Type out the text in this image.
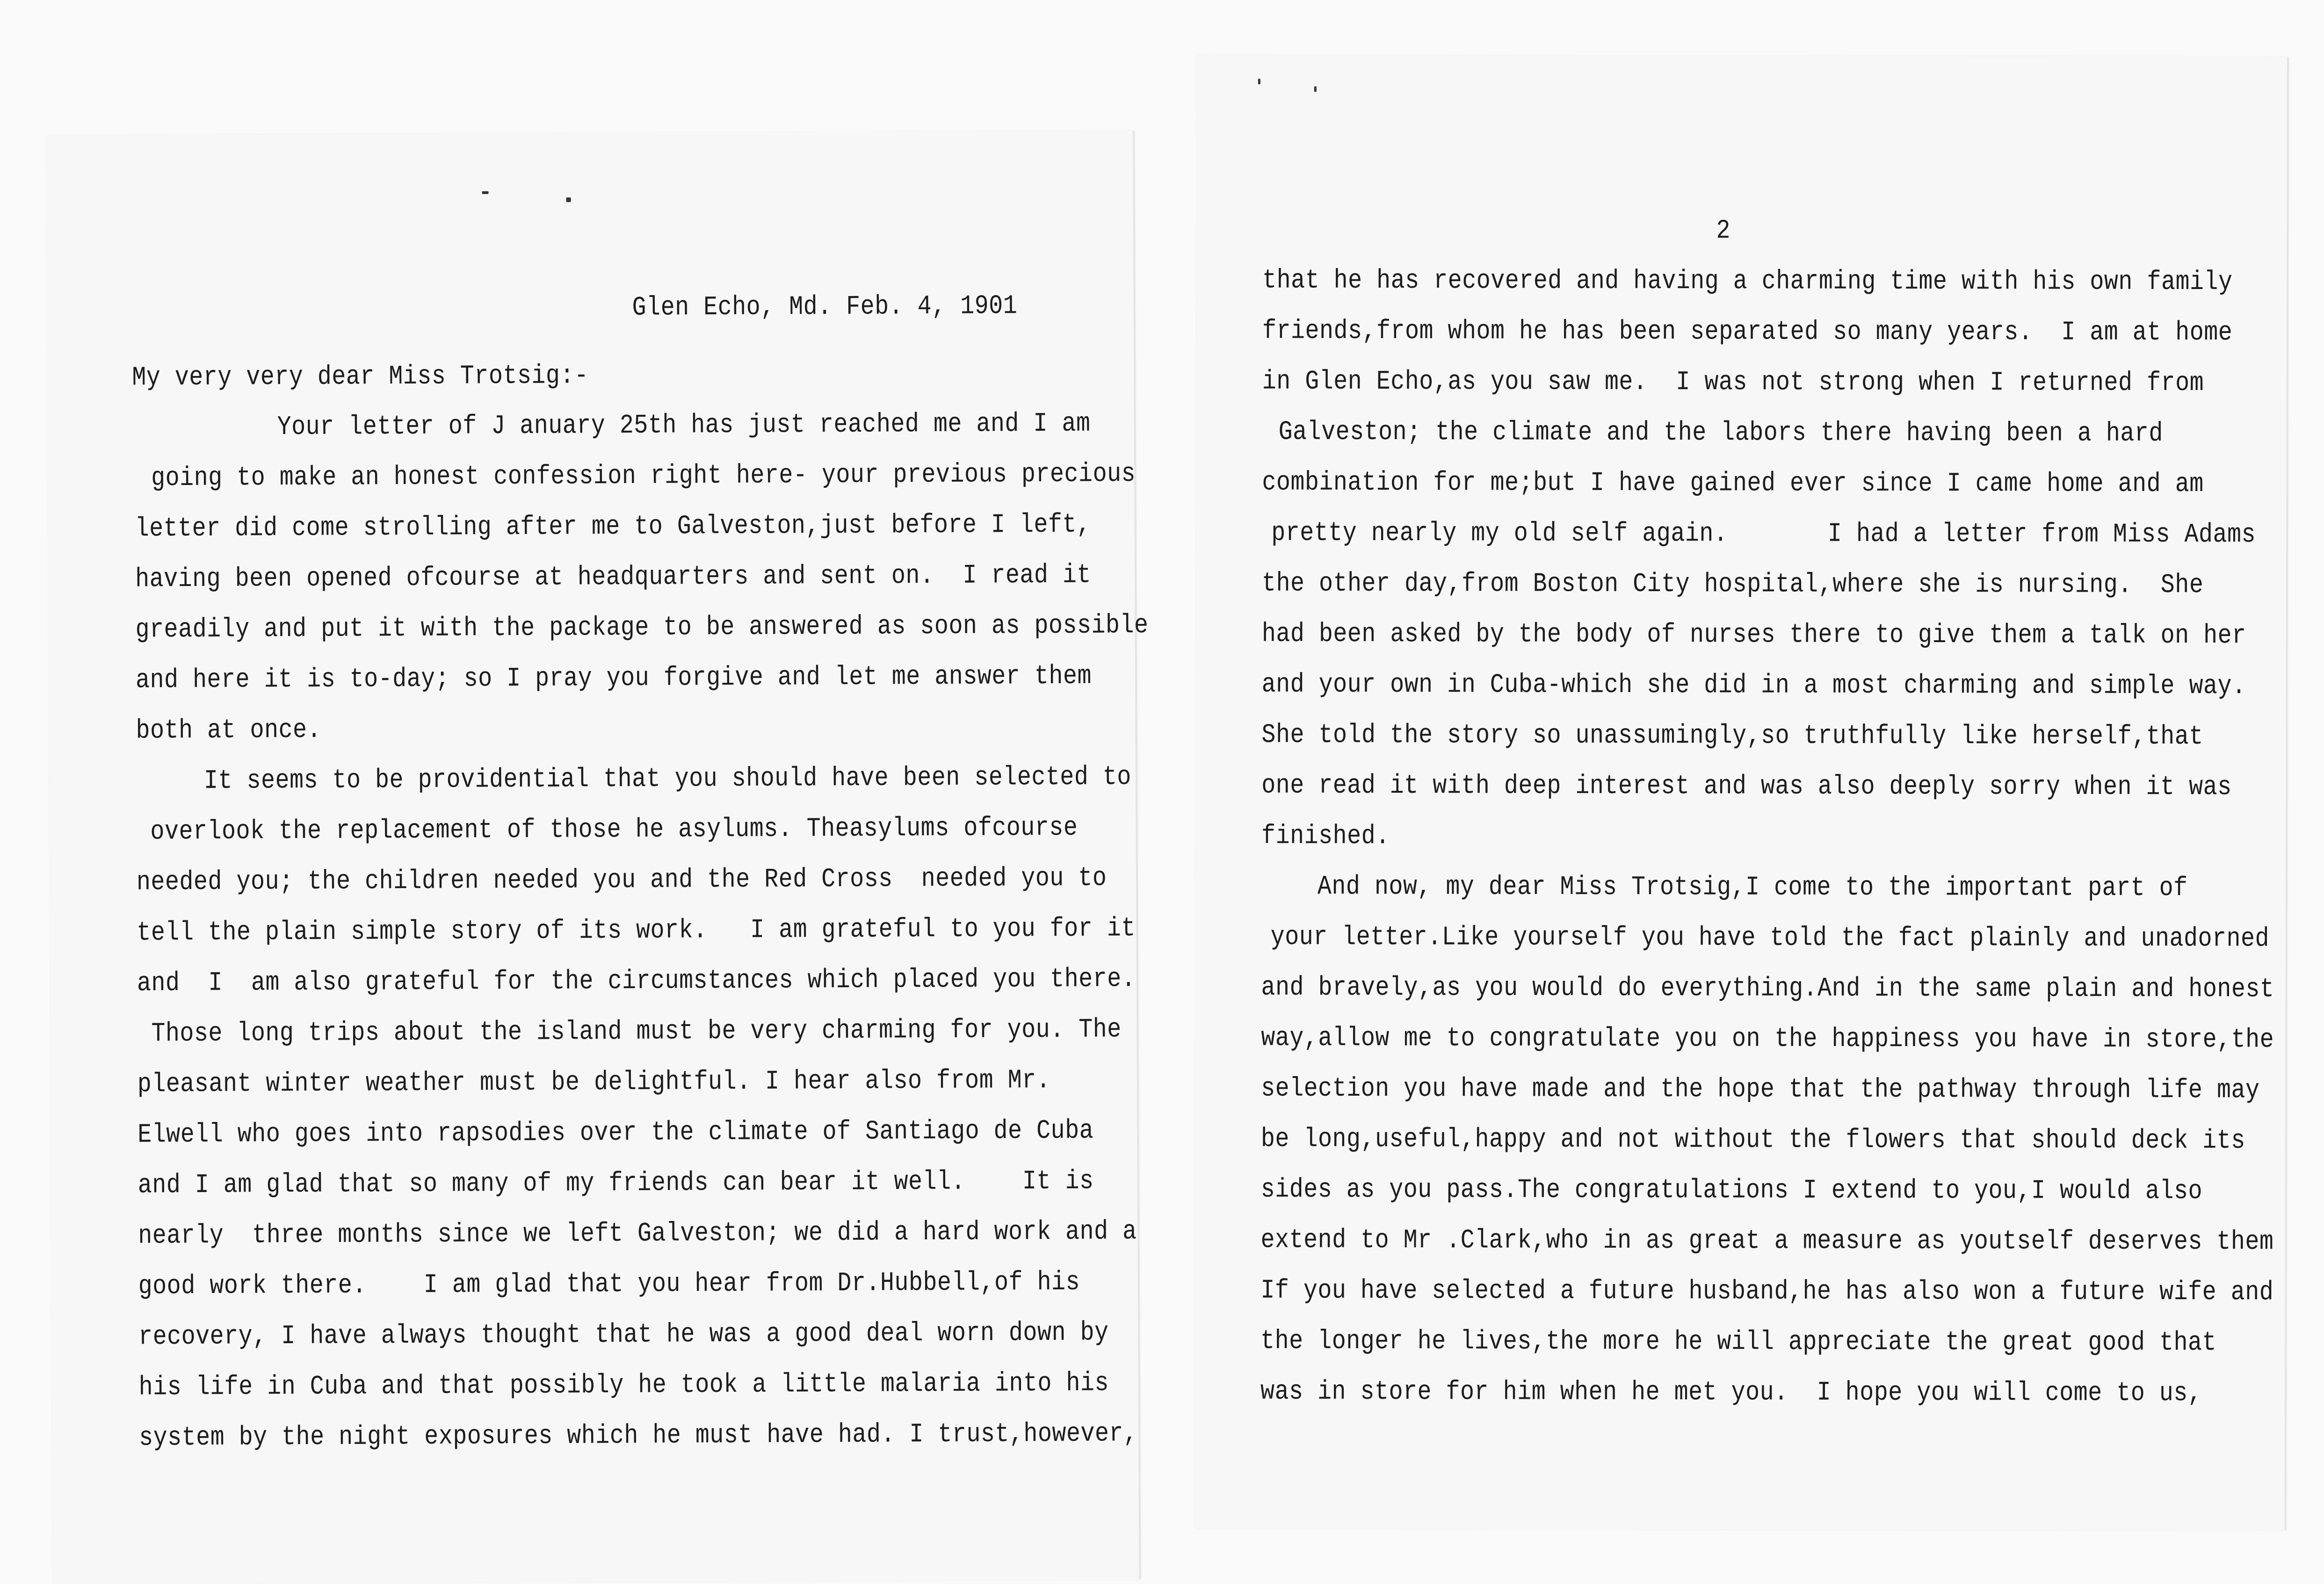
Glen Echo, Md. Feb. 4, 1901
My very very dear Miss Trotsig:-
Your letter of J anuary 25th has just reached me and I am
going to make an honest confession right here- your previous precious
letter did come strolling after me to Galveston,just before I left,
having been opened ofcourse at headquarters and sent on.  I read it
greadily and put it with the package to be answered as soon as possible
and here it is to-day; so I pray you forgive and let me answer them
both at once.
It seems to be providential that you should have been selected to
overlook the replacement of those he asylums. Theasylums ofcourse
needed you; the children needed you and the Red Cross  needed you to
tell the plain simple story of its work.   I am grateful to you for it
and  I  am also grateful for the circumstances which placed you there.
Those long trips about the island must be very charming for you. The
pleasant winter weather must be delightful. I hear also from Mr.
Elwell who goes into rapsodies over the climate of Santiago de Cuba
and I am glad that so many of my friends can bear it well.    It is
nearly  three months since we left Galveston; we did a hard work and a
good work there.    I am glad that you hear from Dr.Hubbell,of his
recovery, I have always thought that he was a good deal worn down by
his life in Cuba and that possibly he took a little malaria into his
system by the night exposures which he must have had. I trust,however,
2
that he has recovered and having a charming time with his own family
friends,from whom he has been separated so many years.  I am at home
in Glen Echo,as you saw me.  I was not strong when I returned from
Galveston; the climate and the labors there having been a hard
combination for me;but I have gained ever since I came home and am
pretty nearly my old self again.       I had a letter from Miss Adams
the other day,from Boston City hospital,where she is nursing.  She
had been asked by the body of nurses there to give them a talk on her
and your own in Cuba-which she did in a most charming and simple way.
She told the story so unassumingly,so truthfully like herself,that
one read it with deep interest and was also deeply sorry when it was
finished.
And now, my dear Miss Trotsig,I come to the important part of
your letter.Like yourself you have told the fact plainly and unadorned
and bravely,as you would do everything.And in the same plain and honest
way,allow me to congratulate you on the happiness you have in store,the
selection you have made and the hope that the pathway through life may
be long,useful,happy and not without the flowers that should deck its
sides as you pass.The congratulations I extend to you,I would also
extend to Mr .Clark,who in as great a measure as youtself deserves them
If you have selected a future husband,he has also won a future wife and
the longer he lives,the more he will appreciate the great good that
was in store for him when he met you.  I hope you will come to us,
